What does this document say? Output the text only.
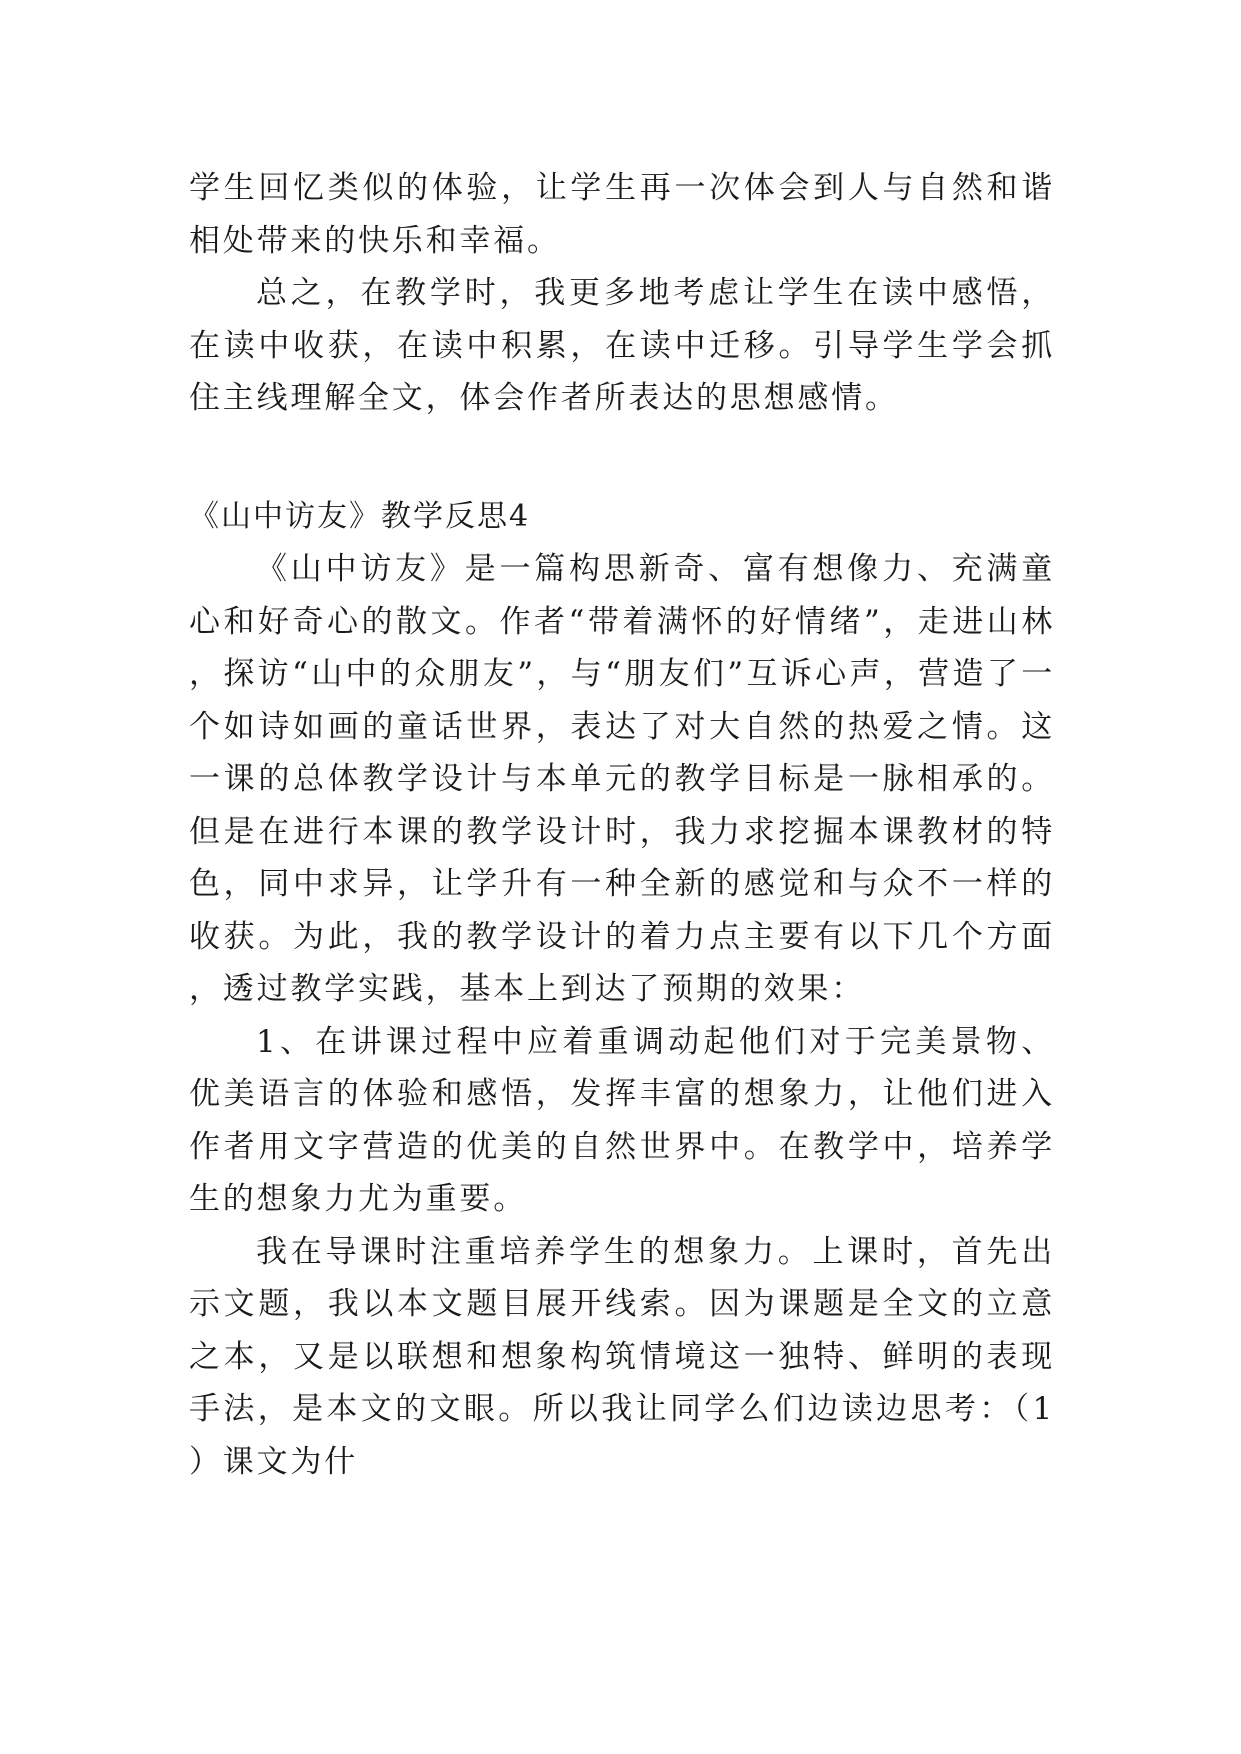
学生回忆类似的体验，让学生再一次体会到人与自然和谐相处带来的快乐和幸福。

总之，在教学时，我更多地考虑让学生在读中感悟，在读中收获，在读中积累，在读中迁移。引导学生学会抓住主线理解全文，体会作者所表达的思想感情。

《山中访友》教学反思4

《山中访友》是一篇构思新奇、富有想像力、充满童心和好奇心的散文。作者“带着满怀的好情绪”，走进山林，探访“山中的众朋友”，与“朋友们”互诉心声，营造了一个如诗如画的童话世界，表达了对大自然的热爱之情。这一课的总体教学设计与本单元的教学目标是一脉相承的。但是在进行本课的教学设计时，我力求挖掘本课教材的特色，同中求异，让学升有一种全新的感觉和与众不一样的收获。为此，我的教学设计的着力点主要有以下几个方面，透过教学实践，基本上到达了预期的效果：

1、在讲课过程中应着重调动起他们对于完美景物、优美语言的体验和感悟，发挥丰富的想象力，让他们进入作者用文字营造的优美的自然世界中。在教学中，培养学生的想象力尤为重要。

我在导课时注重培养学生的想象力。上课时，首先出示文题，我以本文题目展开线索。因为课题是全文的立意之本，又是以联想和想象构筑情境这一独特、鲜明的表现手法，是本文的文眼。所以我让同学么们边读边思考：（1）课文为什
